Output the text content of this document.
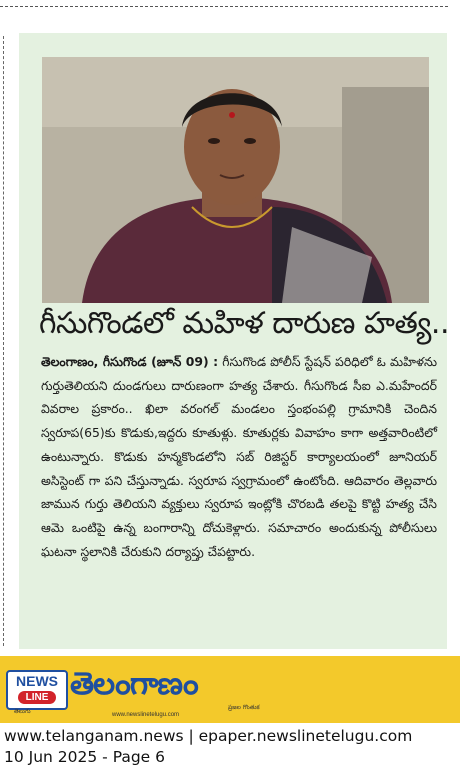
గీసుగొండలో మహిళ దారుణ హత్య..
తెలంగాణం, గీసుగొండ (జూన్ 09) : గీసుగొండ పోలీస్ స్టేషన్ పరిధిలో ఓ మహిళను గుర్తుతెలియని దుండగులు దారుణంగా హత్య చేశారు. గీసుగొండ సీఐ ఎ.మహేందర్ వివరాల ప్రకారం.. ఖిలా వరంగల్ మండలం స్తంభంపల్లి గ్రామానికి చెందిన స్వరూప(65)కు కొడుకు,ఇద్దరు కూతుళ్లు. కూతుర్లకు వివాహం కాగా అత్తవారింటిలో ఉంటున్నారు. కొడుకు హన్మకొండలోని సబ్ రిజిస్టర్ కార్యాలయంలో జూనియర్ అసిస్టెంట్ గా పని చేస్తున్నాడు. స్వరూప స్వగ్రామంలో ఉంటోంది. ఆదివారం తెల్లవారు జామున గుర్తు తెలియని వ్యక్తులు స్వరూప ఇంట్లోకి చొరబడి తలపై కొట్టి హత్య చేసి ఆమె ఒంటిపై ఉన్న బంగారాన్ని దోచుకెళ్లారు. సమాచారం అందుకున్న పోలీసులు ఘటనా స్థలానికి చేరుకుని దర్యాప్తు చేపట్టారు.
NEWS
LINE
తెలుగు
తెలంగాణం
ప్రజల గొంతుక
www.newslinetelugu.com
www.telanganam.news | epaper.newslinetelugu.com
10 Jun 2025 - Page 6
